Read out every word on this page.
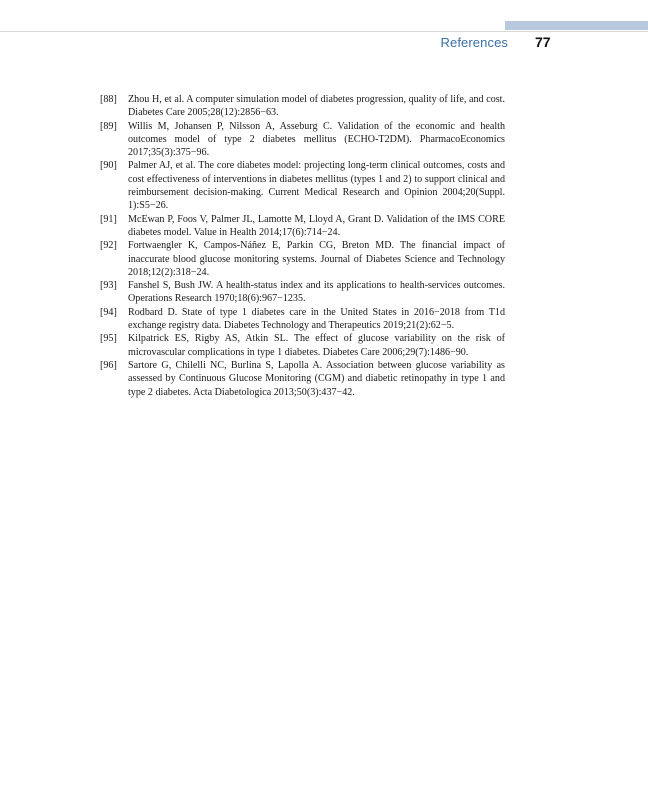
References 77
[88]	Zhou H, et al. A computer simulation model of diabetes progression, quality of life, and cost. Diabetes Care 2005;28(12):2856−63.
[89]	Willis M, Johansen P, Nilsson A, Asseburg C. Validation of the economic and health outcomes model of type 2 diabetes mellitus (ECHO-T2DM). PharmacoEconomics 2017;35(3):375−96.
[90]	Palmer AJ, et al. The core diabetes model: projecting long-term clinical outcomes, costs and cost effectiveness of interventions in diabetes mellitus (types 1 and 2) to support clinical and reimbursement decision-making. Current Medical Research and Opinion 2004;20(Suppl. 1):S5−26.
[91]	McEwan P, Foos V, Palmer JL, Lamotte M, Lloyd A, Grant D. Validation of the IMS CORE diabetes model. Value in Health 2014;17(6):714−24.
[92]	Fortwaengler K, Campos-Náñez E, Parkin CG, Breton MD. The financial impact of inaccurate blood glucose monitoring systems. Journal of Diabetes Science and Technology 2018;12(2):318−24.
[93]	Fanshel S, Bush JW. A health-status index and its applications to health-services outcomes. Operations Research 1970;18(6):967−1235.
[94]	Rodbard D. State of type 1 diabetes care in the United States in 2016−2018 from T1d exchange registry data. Diabetes Technology and Therapeutics 2019;21(2):62−5.
[95]	Kilpatrick ES, Rigby AS, Atkin SL. The effect of glucose variability on the risk of microvascular complications in type 1 diabetes. Diabetes Care 2006;29(7):1486−90.
[96]	Sartore G, Chilelli NC, Burlina S, Lapolla A. Association between glucose variability as assessed by Continuous Glucose Monitoring (CGM) and diabetic retinopathy in type 1 and type 2 diabetes. Acta Diabetologica 2013;50(3):437−42.
